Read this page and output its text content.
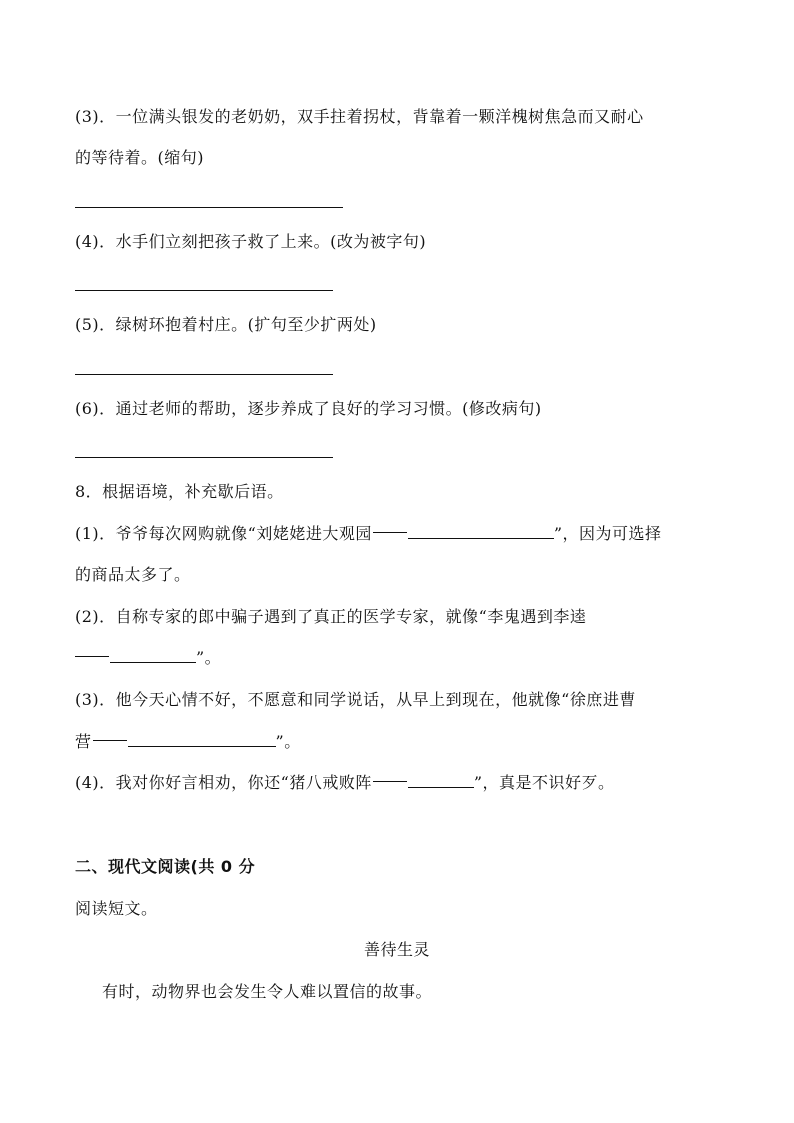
(3)．一位满头银发的老奶奶，双手拄着拐杖，背靠着一颗洋槐树焦急而又耐心
的等待着。(缩句)
(4)．水手们立刻把孩子救了上来。(改为被字句)
(5)．绿树环抱着村庄。(扩句至少扩两处)
(6)．通过老师的帮助，逐步养成了良好的学习习惯。(修改病句)
8．根据语境，补充歇后语。
(1)．爷爷每次网购就像“刘姥姥进大观园	”，因为可选择
的商品太多了。
(2)．自称专家的郎中骗子遇到了真正的医学专家，就像“李鬼遇到李逵
”。
(3)．他今天心情不好，不愿意和同学说话，从早上到现在，他就像“徐庶进曹
营	”。
(4)．我对你好言相劝，你还“猪八戒败阵	”，真是不识好歹。
二、现代文阅读(共 0 分
阅读短文。
善待生灵
有时，动物界也会发生令人难以置信的故事。
